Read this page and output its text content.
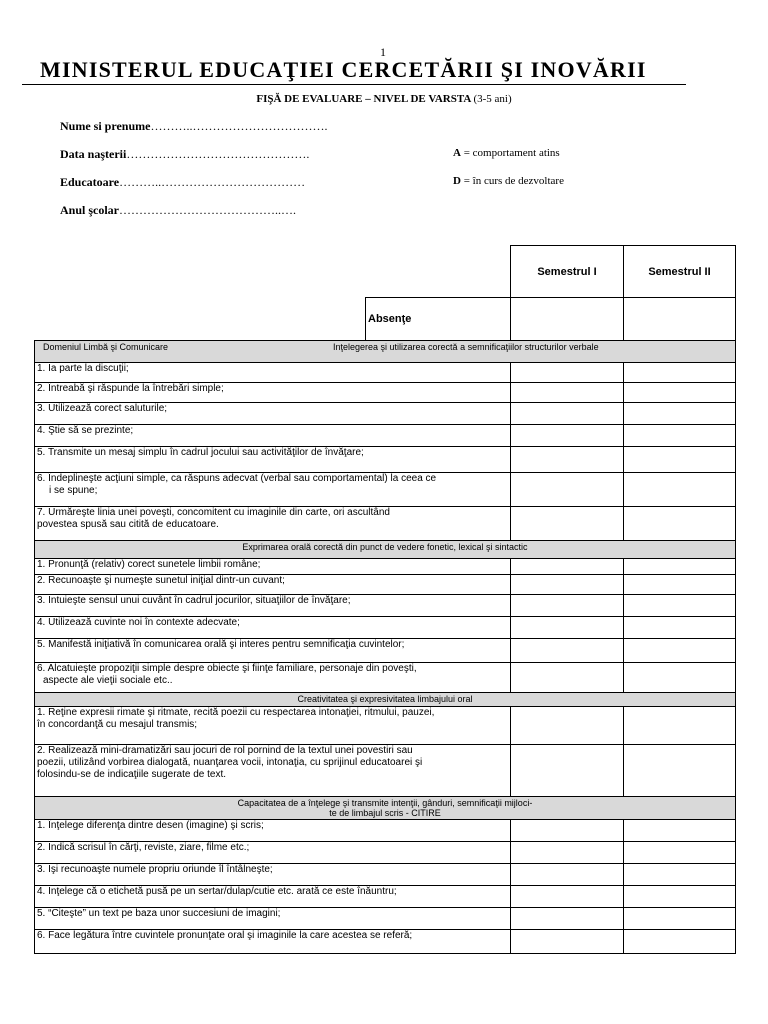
1
MINISTERUL EDUCAŢIEI CERCETĂRII ŞI INOVĂRII
FIŞĂ DE EVALUARE – NIVEL DE VARSTA (3-5 ani)
Nume si prenume………..…………………………….
Data naşterii……………………………………….
Educatoare………..………………………………
Anul şcolar…………………………………..….
A = comportament atins
D = în curs de dezvoltare
		Semestrul I	Semestrul II
	Absenţe		
Domeniul Limbă şi Comunicare Inţelegerea şi utilizarea corectă a semnificaţiilor structurilor verbale			
1. Ia parte la discuţii;			
2. Întreabă şi răspunde la întrebări simple;			
3. Utilizează corect saluturile;			
4. Ştie să se prezinte;			
5. Transmite un mesaj simplu în cadrul jocului sau activităţilor de învăţare;			

6. Îndeplineşte acţiuni simple, ca răspuns adecvat (verbal sau comportamental) la ceea ce
i se spune;			

7. Urmăreşte linia unei poveşti, concomitent cu imaginile din carte, ori ascultând
povestea spusă sau citită de educatoare.			

Exprimarea orală corectă din punct de vedere fonetic, lexical şi sintactic			

1. Pronunţă (relativ) corect sunetele limbii române;			
2. Recunoaşte şi numeşte sunetul iniţial dintr-un cuvant;			
3. Intuieşte sensul unui cuvânt în cadrul jocurilor, situaţiilor de învăţare;			
4. Utilizează cuvinte noi în contexte adecvate;			
5. Manifestă iniţiativă în comunicarea orală şi interes pentru semnificaţia cuvintelor;			

6. Alcatuieşte propoziţii simple despre obiecte şi fiinţe familiare, personaje din poveşti,
aspecte ale vieţii sociale etc..			

Creativitatea şi expresivitatea limbajului oral			

1. Reţine expresii rimate şi ritmate, recită poezii cu respectarea intonaţiei, ritmului, pauzei,
în concordanţă cu mesajul transmis;			

2. Realizează mini-dramatizări sau jocuri de rol pornind de la textul unei povestiri sau
poezii, utilizând vorbirea dialogată, nuanţarea vocii, intonaţia, cu sprijinul educatoarei şi
folosindu-se de indicaţiile sugerate de text.			

Capacitatea de a înţelege şi transmite intenţii, gânduri, semnificaţii mijloci-
te de limbajul scris - CITIRE			

1. Înţelege diferenţa dintre desen (imagine) şi scris;			
2. Indică scrisul în cărţi, reviste, ziare, filme etc.;			
3. Işi recunoaşte numele propriu oriunde îl întâlneşte;			
4. Inţelege că o etichetă pusă pe un sertar/dulap/cutie etc. arată ce este înăuntru;			
5. “Citeşte” un text pe baza unor succesiuni de imagini;			
6. Face legătura între cuvintele pronunţate oral şi imaginile la care acestea se referă;			
